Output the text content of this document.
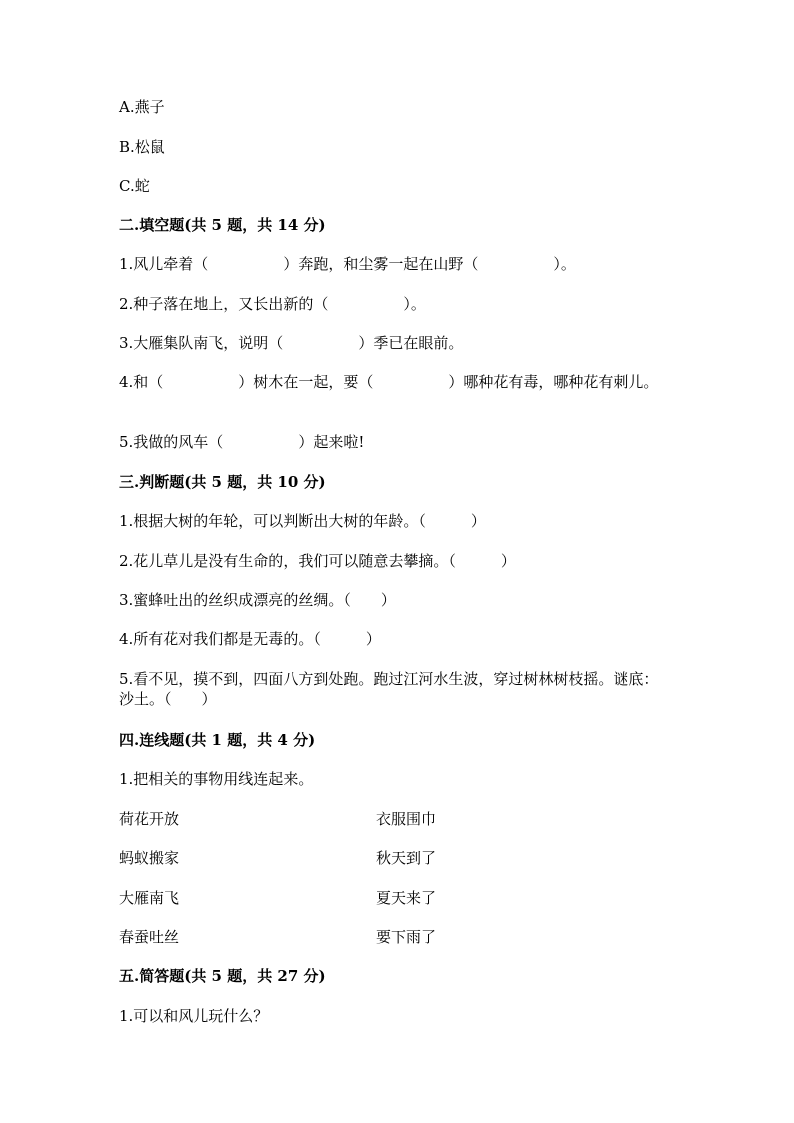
A.燕子
B.松鼠
C.蛇
二.填空题(共 5 题，共 14 分)
1.风儿牵着（　　　　　）奔跑，和尘雾一起在山野（　　　　　）。
2.种子落在地上，又长出新的（　　　　　）。
3.大雁集队南飞，说明（　　　　　）季已在眼前。
4.和（　　　　　）树木在一起，要（　　　　　）哪种花有毒，哪种花有刺儿。
5.我做的风车（　　　　　）起来啦!
三.判断题(共 5 题，共 10 分)
1.根据大树的年轮，可以判断出大树的年龄。（　　　）
2.花儿草儿是没有生命的，我们可以随意去攀摘。（　　　）
3.蜜蜂吐出的丝织成漂亮的丝绸。（　　）
4.所有花对我们都是无毒的。（　　　）
5.看不见，摸不到，四面八方到处跑。跑过江河水生波，穿过树林树枝摇。谜底：沙土。（　　）
四.连线题(共 1 题，共 4 分)
1.把相关的事物用线连起来。
荷花开放	衣服围巾
蚂蚁搬家	秋天到了
大雁南飞	夏天来了
春蚕吐丝	要下雨了
五.简答题(共 5 题，共 27 分)
1.可以和风儿玩什么？
